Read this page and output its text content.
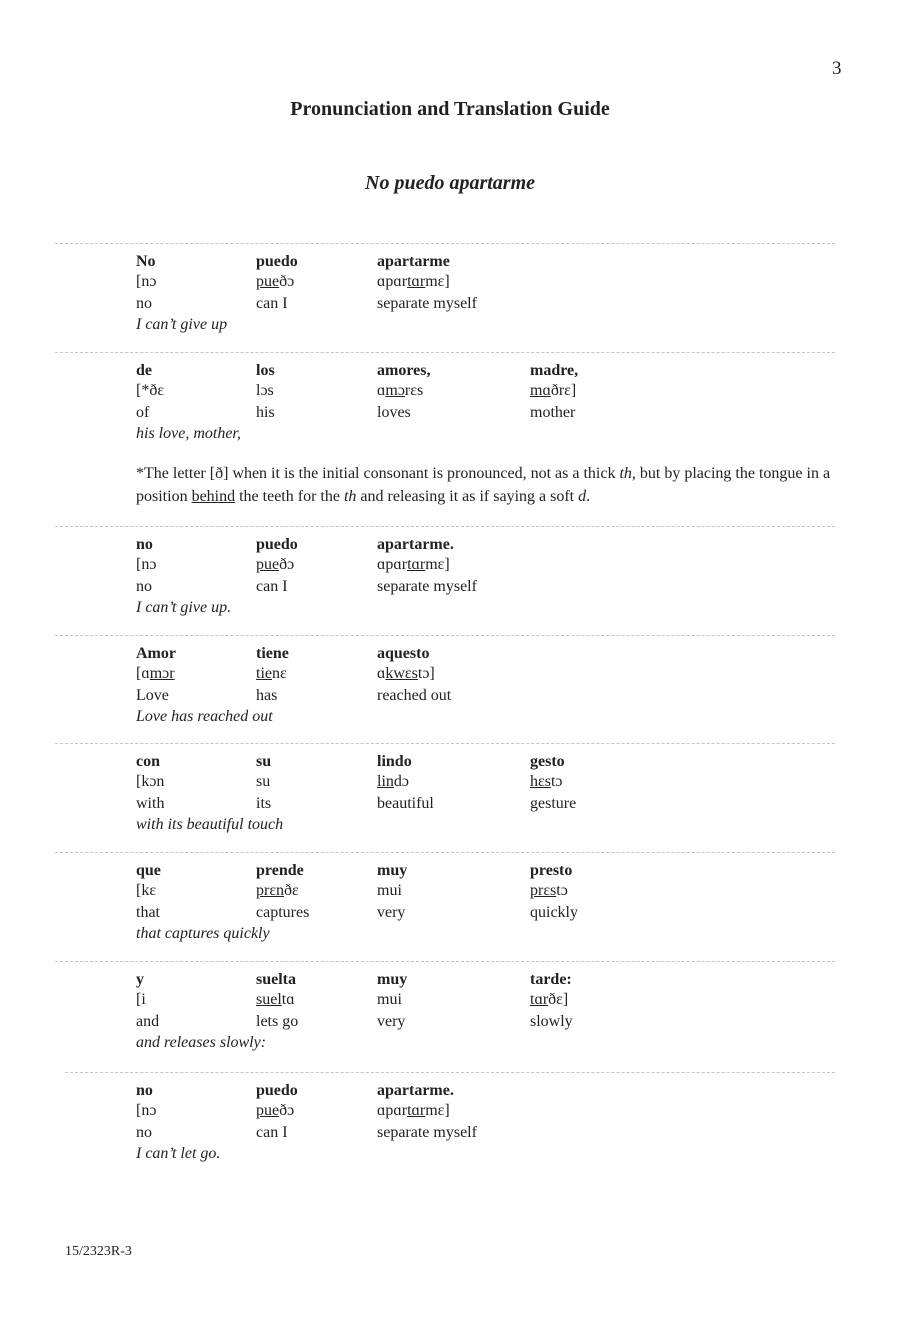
3
Pronunciation and Translation Guide
No puedo apartarme
No	puedo	apartarme
[nɔ	pueðɔ	ɑpɑrtɑrmɛ]
no	can I	separate myself
I can’t give up
de	los	amores,	madre,
[*ðɛ	lɔs	ɑmɔrɛs	mɑðrɛ]
of	his	loves	mother
his love, mother,
no	puedo	apartarme.
[nɔ	pueðɔ	ɑpɑrtɑrmɛ]
no	can I	separate myself
I can’t give up.
Amor	tiene	aquesto
[ɑmɔr	tienɛ	ɑkwɛstɔ]
Love	has	reached out
Love has reached out
con	su	lindo	gesto
[kɔn	su	lindɔ	hɛstɔ
with	its	beautiful	gesture
with its beautiful touch
que	prende	muy	presto
[kɛ	prɛnðɛ	mui	prɛstɔ
that	captures	very	quickly
that captures quickly
y	suelta	muy	tarde:
[i	sueltɑ	mui	tɑrðɛ]
and	lets go	very	slowly
and releases slowly:
no	puedo	apartarme.
[nɔ	pueðɔ	ɑpɑrtɑrmɛ]
no	can I	separate myself
I can’t let go.
*The letter [ð] when it is the initial consonant is pronounced, not as a thick th, but by placing the tongue in a position behind the teeth for the th and releasing it as if saying a soft d.
15/2323R-3
